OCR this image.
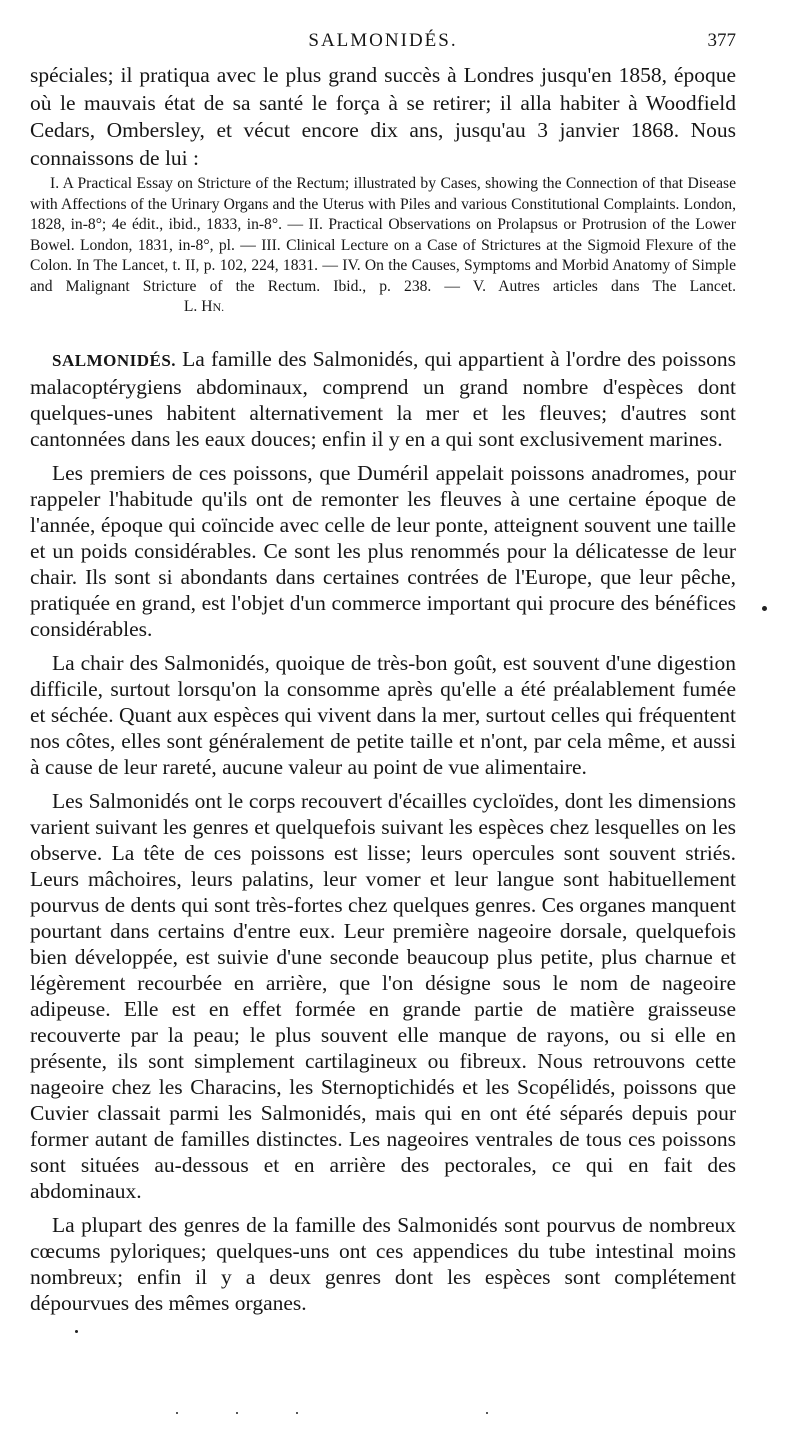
SALMONIDÉS.	377

spéciales; il pratiqua avec le plus grand succès à Londres jusqu'en 1858, époque où le mauvais état de sa santé le força à se retirer; il alla habiter à Woodfield Cedars, Ombersley, et vécut encore dix ans, jusqu'au 3 janvier 1868. Nous connaissons de lui :

I. A Practical Essay on Stricture of the Rectum; illustrated by Cases, showing the Connection of that Disease with Affections of the Urinary Organs and the Uterus with Piles and various Constitutional Complaints. London, 1828, in-8°; 4e édit., ibid., 1833, in-8°. — II. Practical Observations on Prolapsus or Protrusion of the Lower Bowel. London, 1831, in-8°, pl. — III. Clinical Lecture on a Case of Strictures at the Sigmoid Flexure of the Colon. In The Lancet, t. II, p. 102, 224, 1831. — IV. On the Causes, Symptoms and Morbid Anatomy of Simple and Malignant Stricture of the Rectum. Ibid., p. 238. — V. Autres articles dans The Lancet.  L. HN.

SALMONIDÉS. La famille des Salmonidés, qui appartient à l'ordre des poissons malacoptérygiens abdominaux, comprend un grand nombre d'espèces dont quelques-unes habitent alternativement la mer et les fleuves; d'autres sont cantonnées dans les eaux douces; enfin il y en a qui sont exclusivement marines.

Les premiers de ces poissons, que Duméril appelait poissons anadromes, pour rappeler l'habitude qu'ils ont de remonter les fleuves à une certaine époque de l'année, époque qui coïncide avec celle de leur ponte, atteignent souvent une taille et un poids considérables. Ce sont les plus renommés pour la délicatesse de leur chair. Ils sont si abondants dans certaines contrées de l'Europe, que leur pêche, pratiquée en grand, est l'objet d'un commerce important qui procure des bénéfices considérables.

La chair des Salmonidés, quoique de très-bon goût, est souvent d'une digestion difficile, surtout lorsqu'on la consomme après qu'elle a été préalablement fumée et séchée. Quant aux espèces qui vivent dans la mer, surtout celles qui fréquentent nos côtes, elles sont généralement de petite taille et n'ont, par cela même, et aussi à cause de leur rareté, aucune valeur au point de vue alimentaire.

Les Salmonidés ont le corps recouvert d'écailles cycloïdes, dont les dimensions varient suivant les genres et quelquefois suivant les espèces chez lesquelles on les observe. La tête de ces poissons est lisse; leurs opercules sont souvent striés. Leurs mâchoires, leurs palatins, leur vomer et leur langue sont habituellement pourvus de dents qui sont très-fortes chez quelques genres. Ces organes manquent pourtant dans certains d'entre eux. Leur première nageoire dorsale, quelquefois bien développée, est suivie d'une seconde beaucoup plus petite, plus charnue et légèrement recourbée en arrière, que l'on désigne sous le nom de nageoire adipeuse. Elle est en effet formée en grande partie de matière graisseuse recouverte par la peau; le plus souvent elle manque de rayons, ou si elle en présente, ils sont simplement cartilagineux ou fibreux. Nous retrouvons cette nageoire chez les Characins, les Sternoptichidés et les Scopélidés, poissons que Cuvier classait parmi les Salmonidés, mais qui en ont été séparés depuis pour former autant de familles distinctes. Les nageoires ventrales de tous ces poissons sont situées au-dessous et en arrière des pectorales, ce qui en fait des abdominaux.

La plupart des genres de la famille des Salmonidés sont pourvus de nombreux cœcums pyloriques; quelques-uns ont ces appendices du tube intestinal moins nombreux; enfin il y a deux genres dont les espèces sont complétement dépourvues des mêmes organes.
